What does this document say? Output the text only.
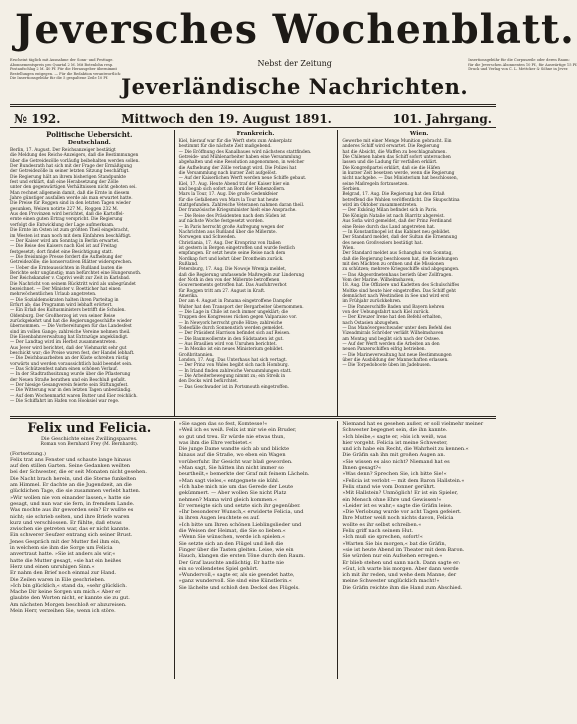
Jeversches Wochenblatt.
Erscheint täglich mit Ausnahme der Sonn- und Festtage.
Abonnementspreis pro Quartal 2 M. Mit Botenlohn resp.
Postaufschlag 2 M. 40 Pf. Für die Herausgeber übernimmt
Bestellungen entgegen. — Für die Redaktion verantwortlich:
Die Insertionsgebühr für die 5 gespaltene Zeile 10 Pf.
Nebst der Zeitung
Jeverländische Nachrichten.
Insertionsgebühr für die Corpuszeile oder deren Raum:
für die Jeverschen Abonnenten 10 Pf., für Auswärtige 15 Pf.
Druck und Verlag von C. L. Mettcker & Söhne in Jever.
№ 192.	Mittwoch den 19. August 1891.	101. Jahrgang.
Politische Uebersicht.
Deutschland.
Berlin, 17. August. Der Reichsanzeiger bestätigt
die Meldung des Reichs-Anzeigers, daß die Bestimmungen
über die Getreidezölle vorläufig beibehalten werden sollen.
Der Bundesrath hat sich mit der Frage der Ermäßigung
der Getreidezölle in seiner letzten Sitzung beschäftigt.
Die Regierung hält an ihrem bisherigen Standpunkte
fest und erklärt, daß eine Herabsetzung der Zölle
unter den gegenwärtigen Verhältnissen nicht geboten sei.
Man rechnet allgemein damit, daß die Ernte in diesem
Jahre günstiger ausfallen werde als man erwartet hatte.
Die Preise für Roggen sind in den letzten Tagen wieder
gesunken, Weizen notirte 227 M., Roggen 232 M.
Aus den Provinzen wird berichtet, daß die Kartoffel-
ernte einen guten Ertrag verspricht. Die Regierung
verfolgt die Entwicklung der Lage aufmerksam.
Die Ernte im Osten ist zum größten Theil eingebracht,
im Westen ist man noch mit dem Einfahren beschäftigt.
— Der Kaiser wird am Sonntag in Berlin erwartet.
— Die Reise des Kaisers nach Kiel ist auf Freitag
festgesetzt; dort findet eine Besichtigung statt.
— Die freisinnige Presse fordert die Aufhebung der
Getreidezölle; die konservativen Blätter widersprechen.
— Ueber die Ernteaussichten in Rußland lauten die
Berichte sehr ungünstig; man befürchtet eine Hungersnoth.
Der Reichskanzler v. Caprivi weilt zur Zeit in Karlsbad.
Die Nachricht von seinem Rücktritt wird als unbegründet
bezeichnet. — Der Minister v. Boetticher hat einen
mehrwöchentlichen Urlaub angetreten.
— Die Sozialdemokraten halten ihren Parteitag in
Erfurt ab; das Programm wird lebhaft erörtert.
— Ein Erlaß des Kultusministers betrifft die Schulen.
Oldenburg. Der Großherzog ist von seiner Reise
zurückgekehrt und hat die Regierungsgeschäfte wieder
übernommen. — Die Vorbereitungen für das Landesfest
sind im vollen Gange; zahlreiche Vereine nehmen theil.
Die Eisenbahnverwaltung hat Extrazüge angekündigt.
— Der Landtag wird im Herbst zusammentreten.
Aus Jever wird berichtet, daß der Viehmarkt sehr gut
beschickt war; die Preise waren fest, der Handel lebhaft.
— Die Deichbauarbeiten an der Küste schreiten rüstig
vorwärts und werden voraussichtlich bald beendet sein.
— Das Schützenfest nahm einen schönen Verlauf.
— In der Stadtrathssitzung wurde über die Pflasterung
der Neuen Straße berathen und ein Beschluß gefaßt.
— Der hiesige Gesangverein feierte sein Stiftungsfest.
— Die Witterung war in den letzten Tagen unbeständig.
— Auf dem Wochenmarkt waren Butter und Eier reichlich.
— Die Schiffahrt im Hafen von Hooksiel war rege.
Frankreich.
Kiel, hierauf war für die Werft stets zum Ankerplatz
bestimmt für die nächste Zeit maßgebend.
— Die Eröffnung des Kanalbaues wird nächstens stattfinden.
Getreide- und Mühlenarbeiter haben eine Versammlung
abgehalten und eine Resolution angenommen, in welcher
die Aufhebung der Zölle verlangt wird. Die Polizei hat
die Versammlung nach kurzer Zeit aufgelöst.
— Auf der Kaiserlichen Werft werden neue Schiffe gebaut.
Kiel, 17. Aug. Heute Abend traf der Kaiser hier ein
und begab sich sofort an Bord der Hohenzollern.
Mars la Tour, 17. Aug. Die große Gedenkfeier
für die Gefallenen von Mars la Tour hat heute
stattgefunden. Zahlreiche Veteranen nahmen daran theil.
Der französische Kriegsminister hielt eine Ansprache.
— Die Reise des Präsidenten nach dem Süden ist
auf nächste Woche festgesetzt worden.
— In Paris herrscht große Aufregung wegen der
Nachrichten aus Rußland über die Mißernte.
Norwegen und Schweden.
Christiania, 17. Aug. Der Kronprinz von Italien
ist gestern in Bergen eingetroffen und wurde festlich
empfangen. Er setzt heute seine Reise nach dem
Nordkap fort und kehrt über Drontheim zurück.
Rußland.
Petersburg, 17. Aug. Die Nowoje Wremja meldet,
daß die Regierung umfassende Maßregeln zur Linderung
der Noth in den von der Mißernte betroffenen
Gouvernements getroffen hat. Das Ausfuhrverbot
für Roggen tritt am 27. August in Kraft.
Amerika.
Der am 4. August in Panama eingetroffene Dampfer
Walter hat den Transport der Bergarbeiter übernommen.
— Die Lage in Chile ist noch immer ungeklärt; die
Truppen des Kongresses rücken gegen Valparaiso vor.
— In Newyork herrscht große Hitze; zahlreiche
Todesfälle durch Sonnenstich werden gemeldet.
— Der Präsident Harrison befindet sich auf Reisen.
— Die Baumwollernte in den Südstaaten ist gut.
— Aus Brasilien wird von Unruhen berichtet.
— In Mexiko ist ein neues Ministerium gebildet.
Großbritannien.
London, 17. Aug. Das Unterhaus hat sich vertagt.
— Der Prinz von Wales begibt sich nach Homburg.
— In Irland finden zahlreiche Versammlungen statt.
— Die Arbeiterbewegung nimmt zu; ein Streik in
den Docks wird befürchtet.
— Das Geschwader ist in Portsmouth eingetroffen.
Wien.
Gewerbe mit einer Menge Munition gebracht. Ein
anderes Schiff wird erwartet. Die Regierung
hat die Absicht, die Waffen zu beschlagnahmen.
Die Chilenen haben das Schiff sofort untersuchen
lassen und die Ladung für verfallen erklärt.
Die Kongreßpartei erklärt, daß sie die Häfen
in kurzer Zeit besetzen werde, wenn die Regierung
nicht nachgebe. — Das Ministerium hat beschlossen,
seine Maßregeln fortzusetzen.
Serbien.
Belgrad, 17. Aug. Die Regierung hat den Erlaß
betreffend die Wahlen veröffentlicht. Die Skupschtina
wird im Oktober zusammentreten.
— Der Exkönig Milan befindet sich in Paris.
Die Königin Natalie ist nach Biarritz abgereist.
Aus Sofia wird gemeldet, daß der Prinz Ferdinand
eine Reise durch das Land angetreten hat.
— In Konstantinopel ist das Kabinet neu gebildet.
Der Standard meldet, daß der Sultan die Ernennung
des neuen Großveziers bestätigt hat.
Wien.
Der Standard meldet aus Schanghai vom Sonntag,
daß die Regierung beschlossen hat, die Beziehungen
mit den Mächten zu ordnen und die Missionen
zu schützen; mehrere Kriegsschiffe sind abgegangen.
— Das Abgeordnetenhaus berieth über Zollfragen.
Vom der Marine. Wilhelmshaven,
18. Aug. Die Offiziere und Kadetten des Schulschiffes
Moltke sind heute hier eingetroffen. Das Schiff geht
demnächst nach Westindien in See und wird erst
im Frühjahr zurückkehren.
— Die Panzerschiffe Baden und Bayern kehren
von der Uebungsfahrt nach Kiel zurück.
— Der Kreuzer Irene hat den Befehl erhalten,
nach Ostasien abzugehen.
— Das Manövergeschwader unter dem Befehl des
Vizeadmirals Schröder verläßt Wilhelmshaven
am Montag und begibt sich nach der Ostsee.
— Auf der Werft werden die Arbeiten an den
neuen Panzerschiffen eifrig betrieben.
— Die Marineverwaltung hat neue Bestimmungen
über die Ausbildung der Mannschaften erlassen.
— Die Torpedoboote üben im Jadebusen.
Felix und Felicia.
Die Geschichte eines Zwillingspaares.
Roman von Bernhard Frey (M. Bernhardt).
(Fortsetzung.)
Felix trat ans Fenster und schaute lange hinaus
auf den stillen Garten. Seine Gedanken weilten
bei der Schwester, die er seit Monaten nicht gesehen.
Die Nacht brach herein, und die Sterne funkelten
am Himmel. Er dachte an die Jugendzeit, an die
glücklichen Tage, die sie zusammen verlebt hatten.
»Wir wollen nie von einander lassen,« hatte sie
gesagt, und nun war sie fern, in fremdem Lande.
Was mochte aus ihr geworden sein? Er wußte es
nicht; sie schrieb selten, und ihre Briefe waren
kurz und verschlossen. Er fühlte, daß etwas
zwischen sie getreten war, das er nicht kannte.
Ein schwerer Seufzer entrang sich seiner Brust.
Jenes Gespräch mit der Mutter fiel ihm ein,
in welchem sie ihm die Sorge um Felicia
anvertraut hatte. »Sie ist anders als wir,«
hatte die Mutter gesagt, »sie hat ein heißes
Herz und einen unruhigen Sinn.«
Er nahm den Brief noch einmal zur Hand.
Die Zeilen waren in Eile geschrieben.
»Ich bin glücklich,« stand da, »sehr glücklich.
Mache Dir keine Sorgen um mich.« Aber er
glaubte den Worten nicht, er kannte sie zu gut.
Am nächsten Morgen beschloß er abzureisen.
Mein Herr, verzeihen Sie, wenn ich störe.
»Sie sagen das so fest, Komtesse!«
»Weil ich es weiß. Felix ist mir wie ein Bruder,
so gut und treu. Er würde nie etwas thun,
was ihm die Ehre verbietet.«
Die junge Dame wandte sich ab und blickte
hinaus auf die Straße, wo eben ein Wagen
vorüberfuhr. Ihr Gesicht war blaß geworden.
»Man sagt, Sie hätten ihn nicht immer so
beurtheilt,« bemerkte der Graf mit feinem Lächeln.
»Man sagt vieles,« entgegnete sie kühl.
»Ich habe mich nie um das Gerede der Leute
gekümmert. — Aber wollen Sie nicht Platz
nehmen? Mama wird gleich kommen.«
Er verneigte sich und setzte sich ihr gegenüber.
»Ihr besonderer Wunsch,« erwiderte Felicia, und
in ihren Augen leuchtete es auf.
»Ich bitte um Ihren schönen Lieblingslieder und
die Weisen der Heimat, die Sie so lieben.«
»Wenn Sie wünschen, werde ich spielen.«
Sie setzte sich an den Flügel und ließ die
Finger über die Tasten gleiten. Leise, wie ein
Hauch, klangen die ersten Töne durch den Raum.
Der Graf lauschte andächtig. Er hatte nie
ein so vollendetes Spiel gehört.
»Wundervoll,« sagte er, als sie geendet hatte,
»ganz wundervoll. Sie sind eine Künstlerin.«
Sie lächelte und schloß den Deckel des Flügels.
Niemand hat es gesehen außer, er soll vielmehr meiner
Schwester begegnet sein, die ihn kannte.
»Ich bleibe,« sagte er, »bis ich weiß, was
hier vorgeht. Felicia ist meine Schwester,
und ich habe ein Recht, die Wahrheit zu kennen.«
Die Gräfin sah ihn mit großen Augen an.
»Sie wissen es also nicht? Niemand hat es
Ihnen gesagt?«
»Was denn? Sprechen Sie, ich bitte Sie!«
»Felicia ist verlobt — mit dem Baron Hallstein.«
Felix stand wie vom Donner gerührt.
»Mit Hallstein? Unmöglich! Er ist ein Spieler,
ein Mensch ohne Ehre und Gewissen!«
»Leider ist es wahr,« sagte die Gräfin leise.
»Die Verlobung wurde vor acht Tagen gefeiert.
Ihre Mutter weiß noch nichts davon, Felicia
wollte es ihr selbst schreiben.«
Felix griff nach seinem Hut.
»Ich muß sie sprechen, sofort!«
»Warten Sie bis morgen,« bat die Gräfin,
»sie ist heute Abend im Theater mit dem Baron.
Sie würden nur ein Aufsehen erregen.«
Er blieb stehen und sann nach. Dann sagte er:
»Gut, ich warte bis morgen. Aber dann werde
ich mit ihr reden, und wehe dem Manne, der
meine Schwester unglücklich macht!«
Die Gräfin reichte ihm die Hand zum Abschied.
